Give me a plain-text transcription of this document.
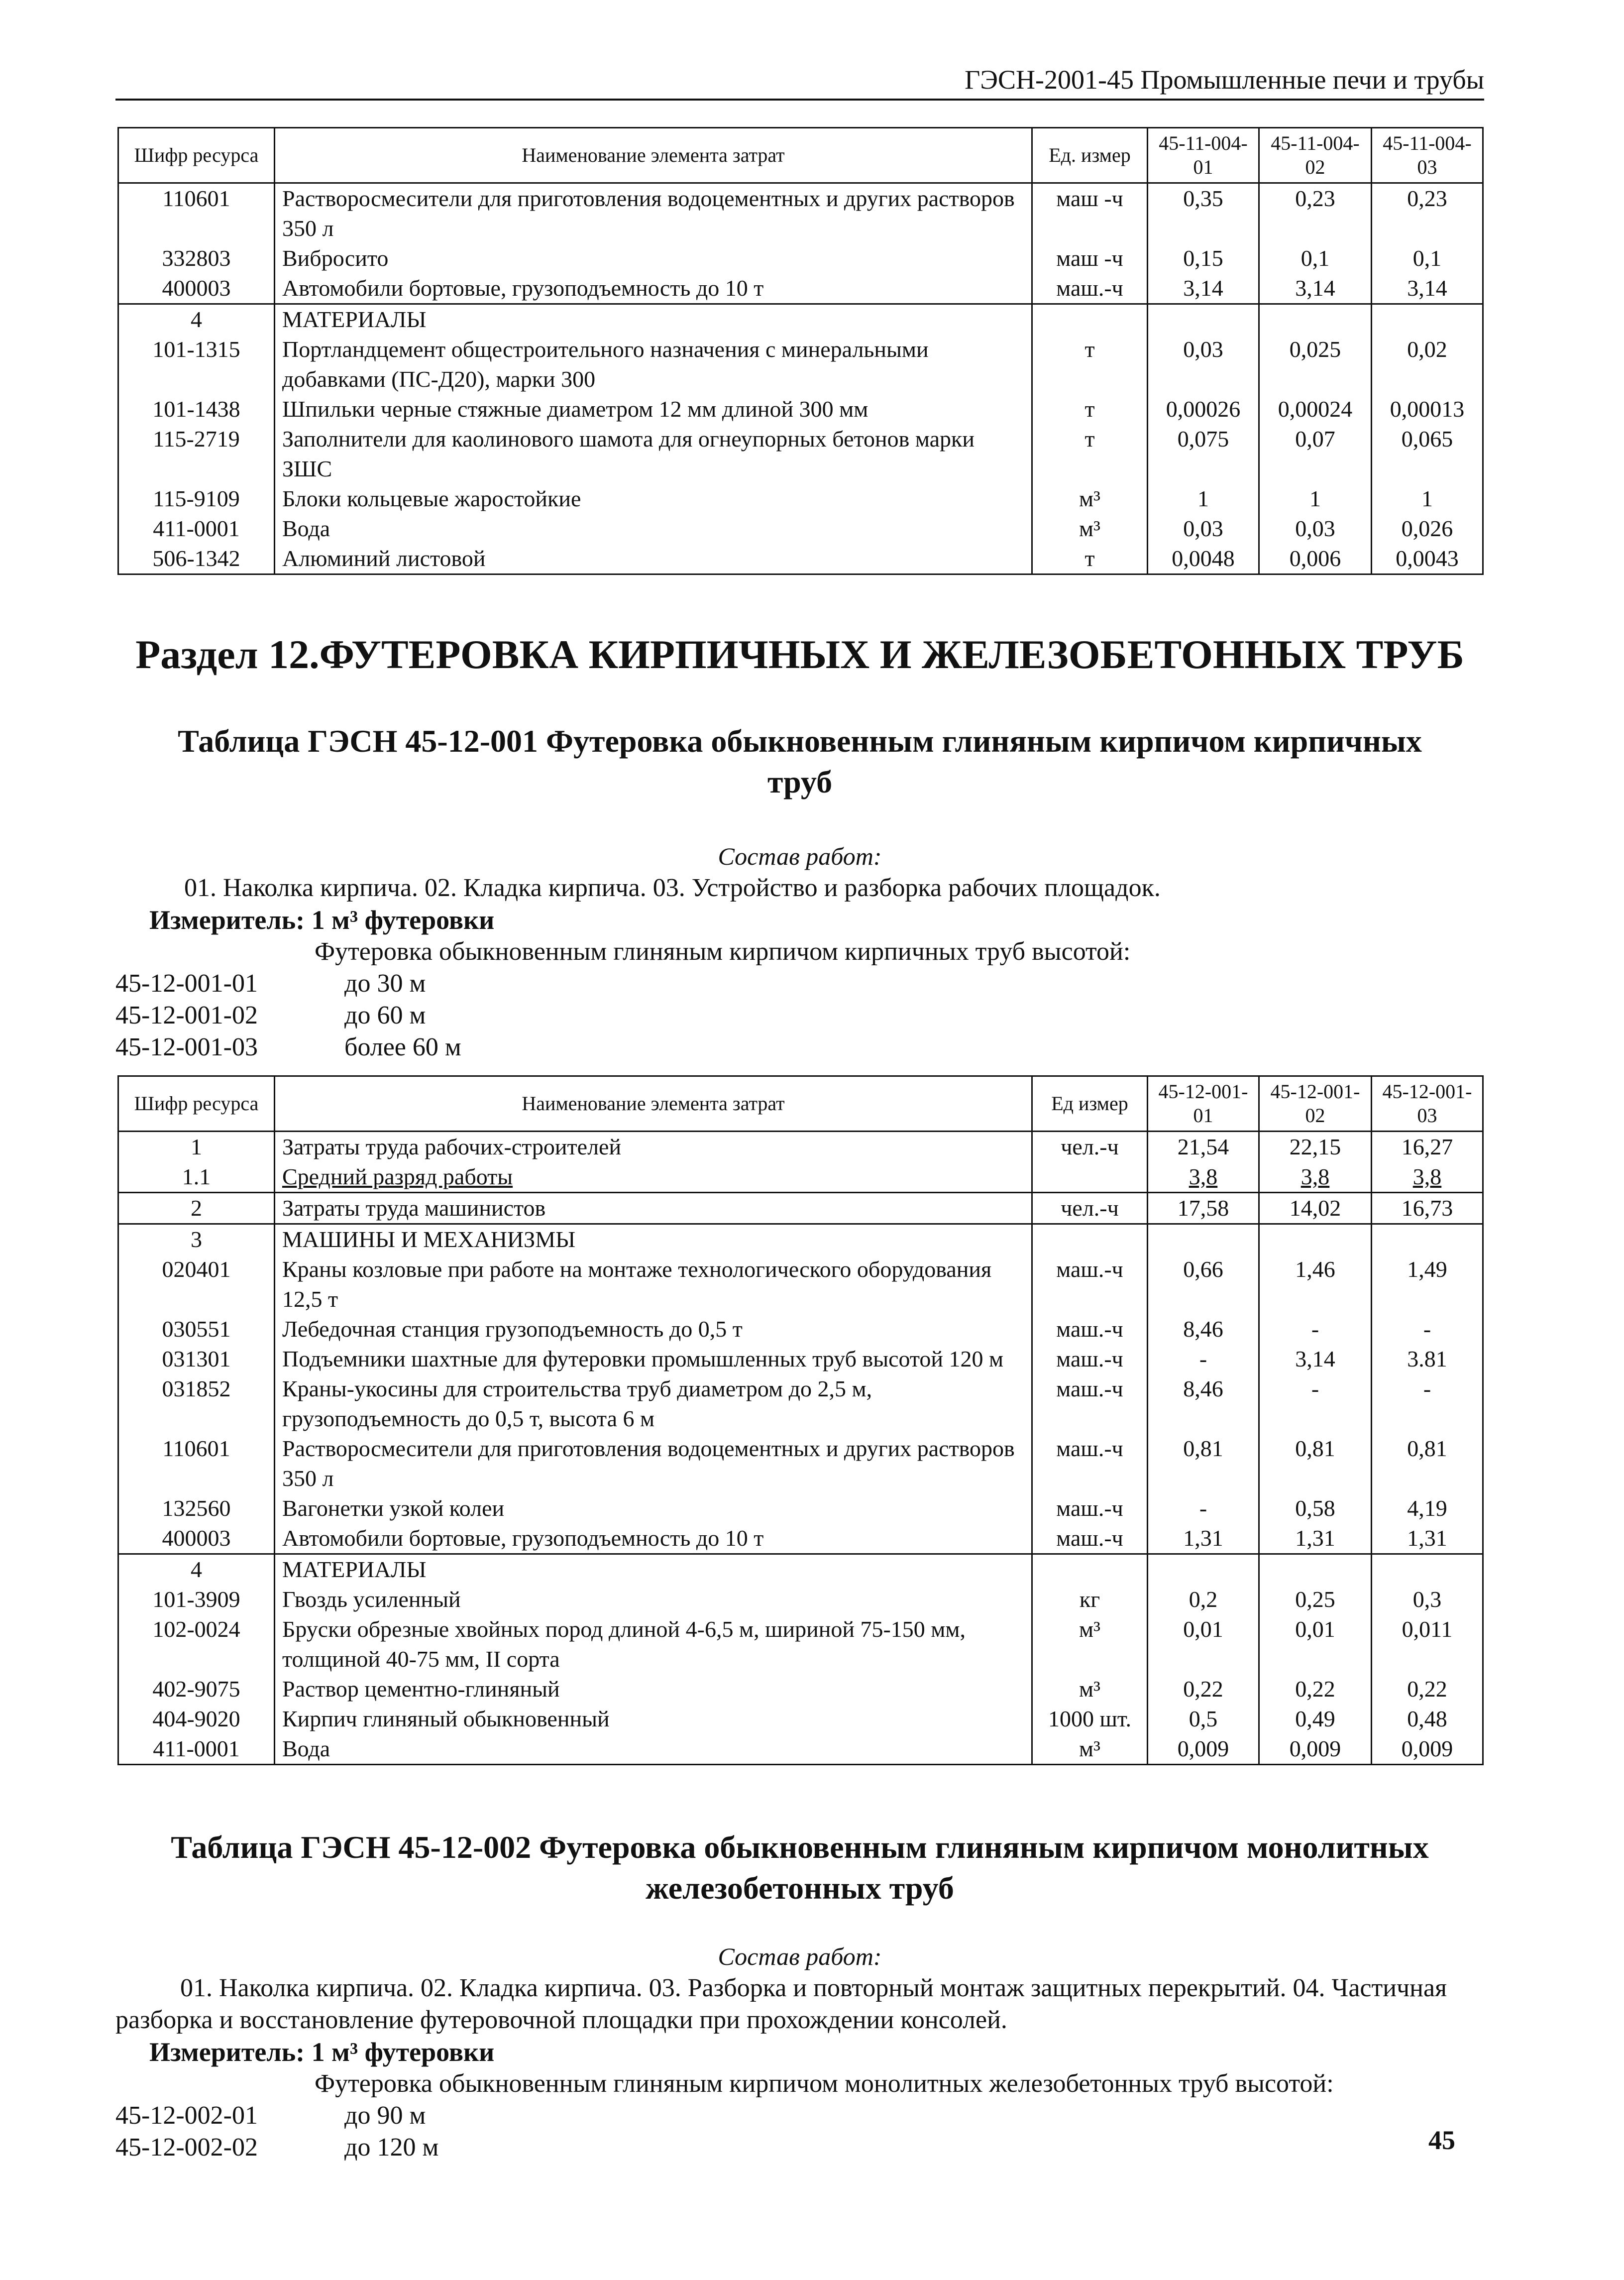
ГЭСН-2001-45 Промышленные печи и трубы
Шифр ресурса	Наименование элемента затрат	Ед. измер	45-11-004-01	45-11-004-02	45-11-004-03
110601	Растворосмесители для приготовления водоцементных и других растворов 350 л	маш -ч	0,35	0,23	0,23
332803	Вибросито	маш -ч	0,15	0,1	0,1
400003	Автомобили бортовые, грузоподъемность до 10 т	маш.-ч	3,14	3,14	3,14
4	МАТЕРИАЛЫ				
101-1315	Портландцемент общестроительного назначения с минеральными добавками (ПС-Д20), марки 300	т	0,03	0,025	0,02
101-1438	Шпильки черные стяжные диаметром 12 мм длиной 300 мм	т	0,00026	0,00024	0,00013
115-2719	Заполнители для каолинового шамота для огнеупорных бетонов марки ЗШС	т	0,075	0,07	0,065
115-9109	Блоки кольцевые жаростойкие	м³	1	1	1
411-0001	Вода	м³	0,03	0,03	0,026
506-1342	Алюминий листовой	т	0,0048	0,006	0,0043
Раздел 12.ФУТЕРОВКА КИРПИЧНЫХ И ЖЕЛЕЗОБЕТОННЫХ ТРУБ
Таблица ГЭСН 45-12-001 Футеровка обыкновенным глиняным кирпичом кирпичных
труб
Состав работ:
01. Наколка кирпича. 02. Кладка кирпича. 03. Устройство и разборка рабочих площадок.
Измеритель: 1 м³ футеровки
Футеровка обыкновенным глиняным кирпичом кирпичных труб высотой:
45-12-001-01	до 30 м
45-12-001-02	до 60 м
45-12-001-03	более 60 м
Шифр ресурса	Наименование элемента затрат	Ед измер	45-12-001-01	45-12-001-02	45-12-001-03
1	Затраты труда рабочих-строителей	чел.-ч	21,54	22,15	16,27
1.1	Средний разряд работы		3,8	3,8	3,8
2	Затраты труда машинистов	чел.-ч	17,58	14,02	16,73
3	МАШИНЫ И МЕХАНИЗМЫ				
020401	Краны козловые при работе на монтаже технологического оборудования 12,5 т	маш.-ч	0,66	1,46	1,49
030551	Лебедочная станция грузоподъемность до 0,5 т	маш.-ч	8,46	-	-
031301	Подъемники шахтные для футеровки промышленных труб высотой 120 м	маш.-ч	-	3,14	3.81
031852	Краны-укосины для строительства труб диаметром до 2,5 м, грузоподъемность до 0,5 т, высота 6 м	маш.-ч	8,46	-	-
110601	Растворосмесители для приготовления водоцементных и других растворов 350 л	маш.-ч	0,81	0,81	0,81
132560	Вагонетки узкой колеи	маш.-ч	-	0,58	4,19
400003	Автомобили бортовые, грузоподъемность до 10 т	маш.-ч	1,31	1,31	1,31
4	МАТЕРИАЛЫ				
101-3909	Гвоздь усиленный	кг	0,2	0,25	0,3
102-0024	Бруски обрезные хвойных пород длиной 4-6,5 м, шириной 75-150 мм, толщиной 40-75 мм, II сорта	м³	0,01	0,01	0,011
402-9075	Раствор цементно-глиняный	м³	0,22	0,22	0,22
404-9020	Кирпич глиняный обыкновенный	1000 шт.	0,5	0,49	0,48
411-0001	Вода	м³	0,009	0,009	0,009
Таблица ГЭСН 45-12-002 Футеровка обыкновенным глиняным кирпичом монолитных
железобетонных труб
Состав работ:
01. Наколка кирпича. 02. Кладка кирпича. 03. Разборка и повторный монтаж защитных перекрытий. 04. Частичная разборка и восстановление футеровочной площадки при прохождении консолей.
Измеритель: 1 м³ футеровки
Футеровка обыкновенным глиняным кирпичом монолитных железобетонных труб высотой:
45-12-002-01	до 90 м
45-12-002-02	до 120 м	45
